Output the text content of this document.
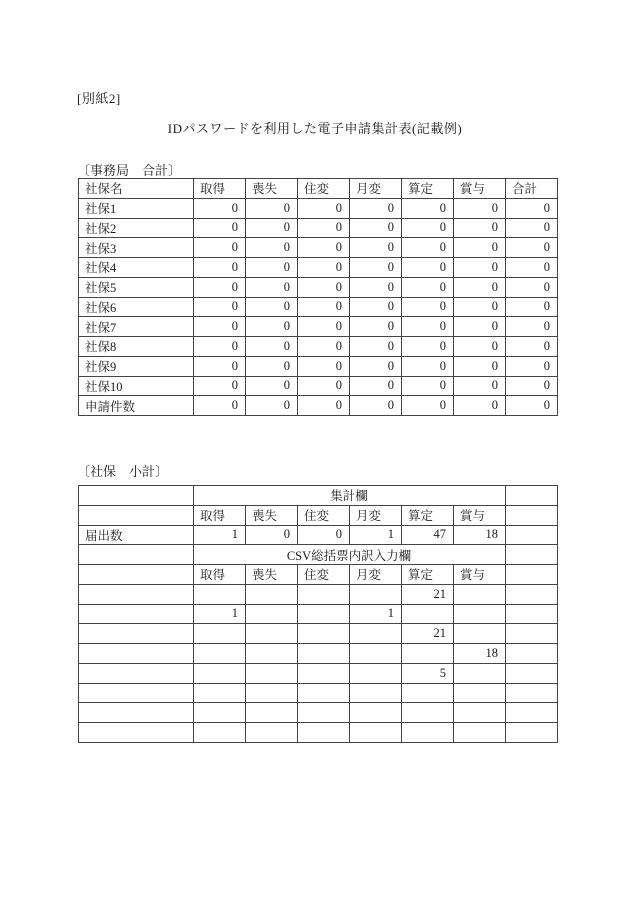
[別紙2]
IDパスワードを利用した電子申請集計表(記載例)
〔事務局　合計〕
社保名	取得	喪失	住変	月変	算定	賞与	合計
社保1	0	0	0	0	0	0	0
社保2	0	0	0	0	0	0	0
社保3	0	0	0	0	0	0	0
社保4	0	0	0	0	0	0	0
社保5	0	0	0	0	0	0	0
社保6	0	0	0	0	0	0	0
社保7	0	0	0	0	0	0	0
社保8	0	0	0	0	0	0	0
社保9	0	0	0	0	0	0	0
社保10	0	0	0	0	0	0	0
申請件数	0	0	0	0	0	0	0
〔社保　小計〕
	集計欄						
	取得	喪失	住変	月変	算定	賞与	
届出数	1	0	0	1	47	18	
	CSV総括票内訳入力欄						
	取得	喪失	住変	月変	算定	賞与	
					21		
	1			1			
					21		
						18	
					5		
